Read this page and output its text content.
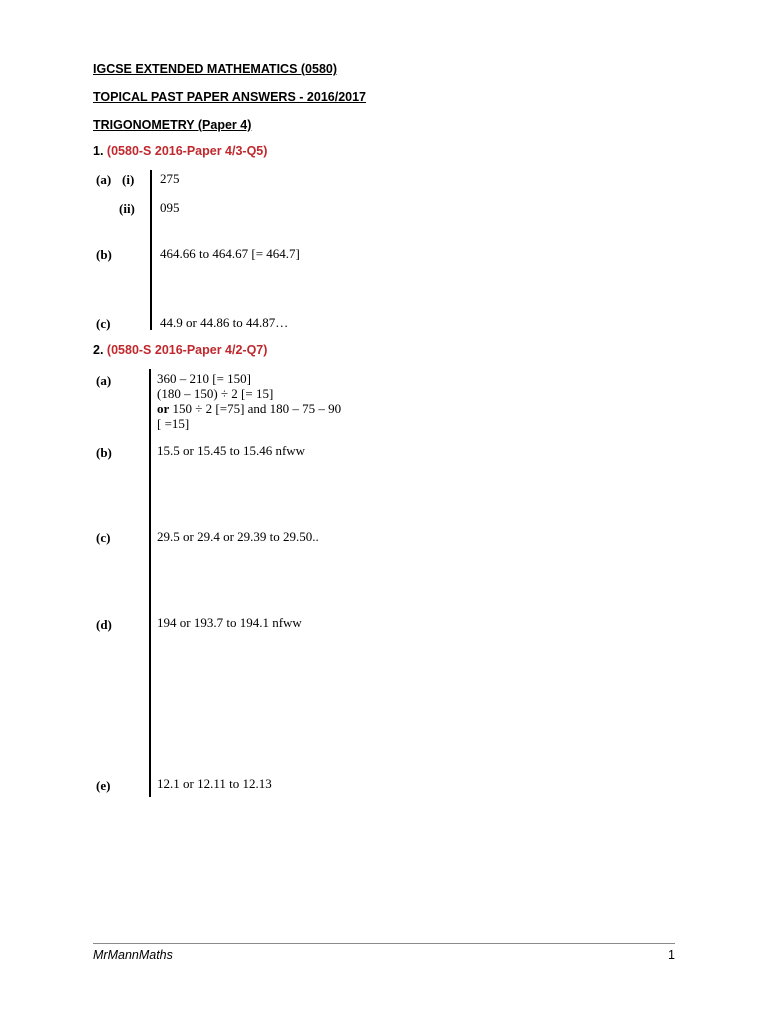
IGCSE EXTENDED MATHEMATICS (0580)
TOPICAL PAST PAPER ANSWERS - 2016/2017
TRIGONOMETRY (Paper 4)
1. (0580-S 2016-Paper 4/3-Q5)
(a) (i) 275
(ii) 095
(b)	464.66 to 464.67 [= 464.7]
(c)	44.9 or 44.86 to 44.87…
2. (0580-S 2016-Paper 4/2-Q7)
(a)	360 – 210 [= 150]
(180 – 150) ÷ 2 [= 15]
or 150 ÷ 2 [=75] and 180 – 75 – 90
[ =15]
(b)	15.5 or 15.45 to 15.46 nfww
(c)	29.5 or 29.4 or 29.39 to 29.50..
(d)	194 or 193.7 to 194.1 nfww
(e)	12.1 or 12.11 to 12.13
MrMannMaths	1
